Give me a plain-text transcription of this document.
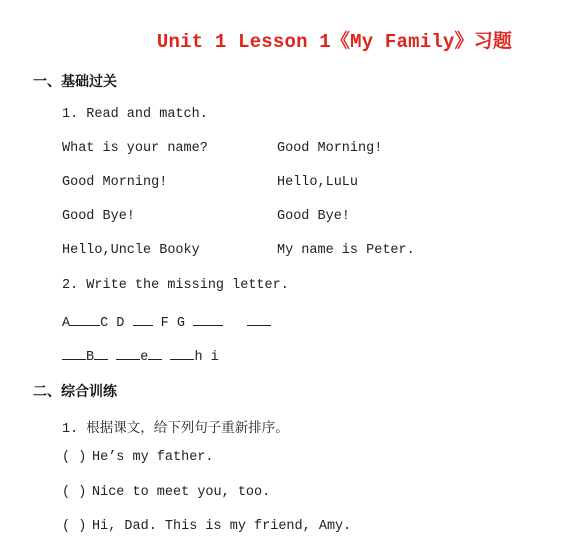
Unit 1 Lesson 1《My Family》习题
一、基础过关
1. Read and match.
What is your name?	Good Morning!
Good Morning!	Hello,LuLu
Good Bye!	Good Bye!
Hello,Uncle Booky	My name is Peter.
2. Write the missing letter.
A C D	F G
B	e	h i
二、综合训练
1. 根据课文，给下列句子重新排序。
( ) He’s my father.
( ) Nice to meet you, too.
( ) Hi, Dad. This is my friend, Amy.
